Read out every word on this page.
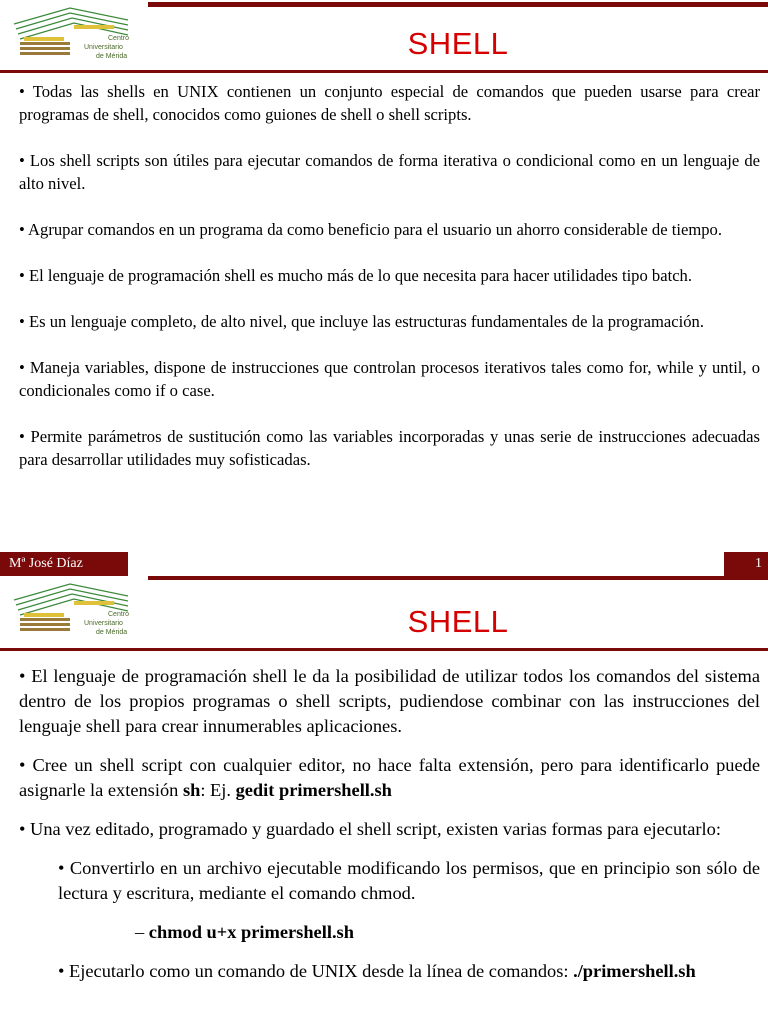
Centro
Universitario
de Mérida	SHELL

• Todas las shells en UNIX contienen un conjunto especial de comandos que pueden usarse para crear programas de shell, conocidos como guiones de shell o shell scripts.

• Los shell scripts son útiles para ejecutar comandos de forma iterativa o condicional como en un lenguaje de alto nivel.

• Agrupar comandos en un programa da como beneficio para el usuario un ahorro considerable de tiempo.

• El lenguaje de programación shell es mucho más de lo que necesita para hacer utilidades tipo batch.

• Es un lenguaje completo, de alto nivel, que incluye las estructuras fundamentales de la programación.

• Maneja variables, dispone de instrucciones que controlan procesos iterativos tales como for, while y until, o condicionales como if o case.

• Permite parámetros de sustitución como las variables incorporadas y unas serie de instrucciones adecuadas para desarrollar utilidades muy sofisticadas.

Mª José Díaz	1
Centro
Universitario
de Mérida	SHELL

• El lenguaje de programación shell le da la posibilidad de utilizar todos los comandos del sistema dentro de los propios programas o shell scripts, pudiendose combinar con las instrucciones del lenguaje shell para crear innumerables aplicaciones.

• Cree un shell script con cualquier editor, no hace falta extensión, pero para identificarlo puede asignarle la extensión sh: Ej. gedit primershell.sh

• Una vez editado, programado y guardado el shell script, existen varias formas para ejecutarlo:

• Convertirlo en un archivo ejecutable modificando los permisos, que en principio son sólo de lectura y escritura, mediante el comando chmod.

– chmod u+x primershell.sh

• Ejecutarlo como un comando de UNIX desde la línea de comandos: ./primershell.sh
